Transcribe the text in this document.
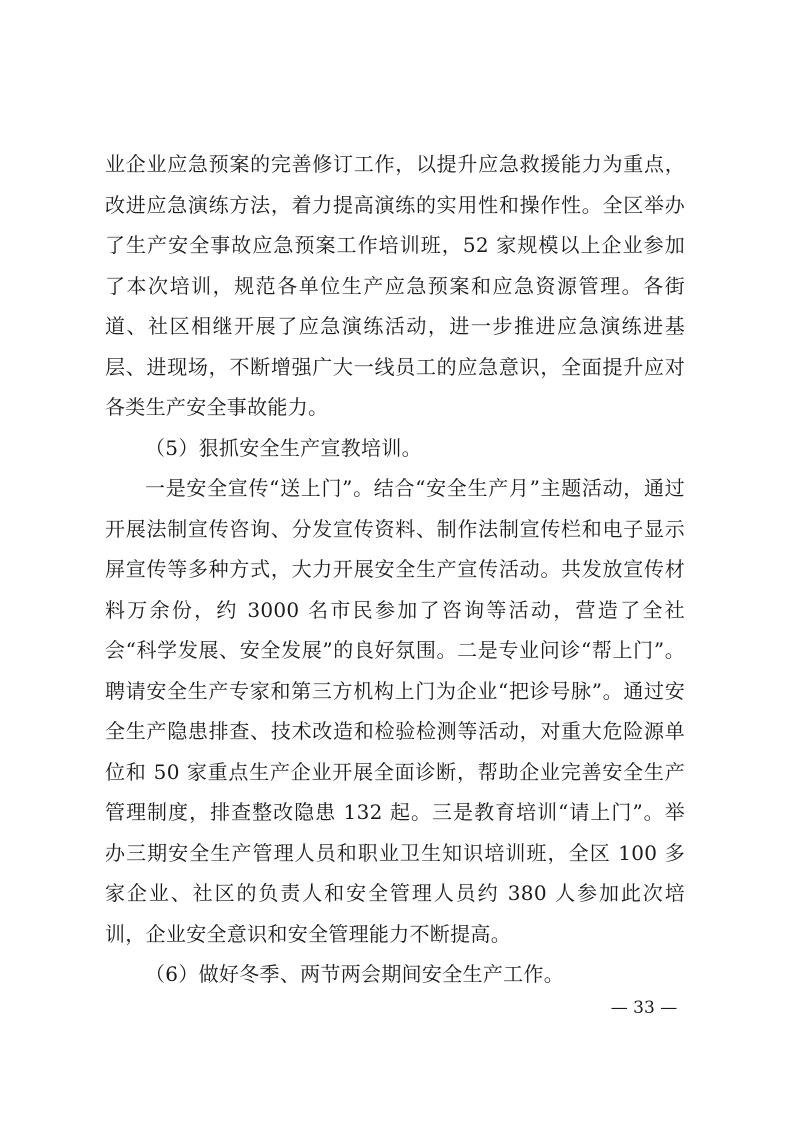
业企业应急预案的完善修订工作，以提升应急救援能力为重点，改进应急演练方法，着力提高演练的实用性和操作性。全区举办了生产安全事故应急预案工作培训班，52 家规模以上企业参加了本次培训，规范各单位生产应急预案和应急资源管理。各街道、社区相继开展了应急演练活动，进一步推进应急演练进基层、进现场，不断增强广大一线员工的应急意识，全面提升应对各类生产安全事故能力。

（5）狠抓安全生产宣教培训。

一是安全宣传“送上门”。结合“安全生产月”主题活动，通过开展法制宣传咨询、分发宣传资料、制作法制宣传栏和电子显示屏宣传等多种方式，大力开展安全生产宣传活动。共发放宣传材料万余份，约 3000 名市民参加了咨询等活动，营造了全社会“科学发展、安全发展”的良好氛围。二是专业问诊“帮上门”。聘请安全生产专家和第三方机构上门为企业“把诊号脉”。通过安全生产隐患排查、技术改造和检验检测等活动，对重大危险源单位和 50 家重点生产企业开展全面诊断，帮助企业完善安全生产管理制度，排查整改隐患 132 起。三是教育培训“请上门”。举办三期安全生产管理人员和职业卫生知识培训班，全区 100 多家企业、社区的负责人和安全管理人员约 380 人参加此次培训，企业安全意识和安全管理能力不断提高。

（6）做好冬季、两节两会期间安全生产工作。

— 33 —
